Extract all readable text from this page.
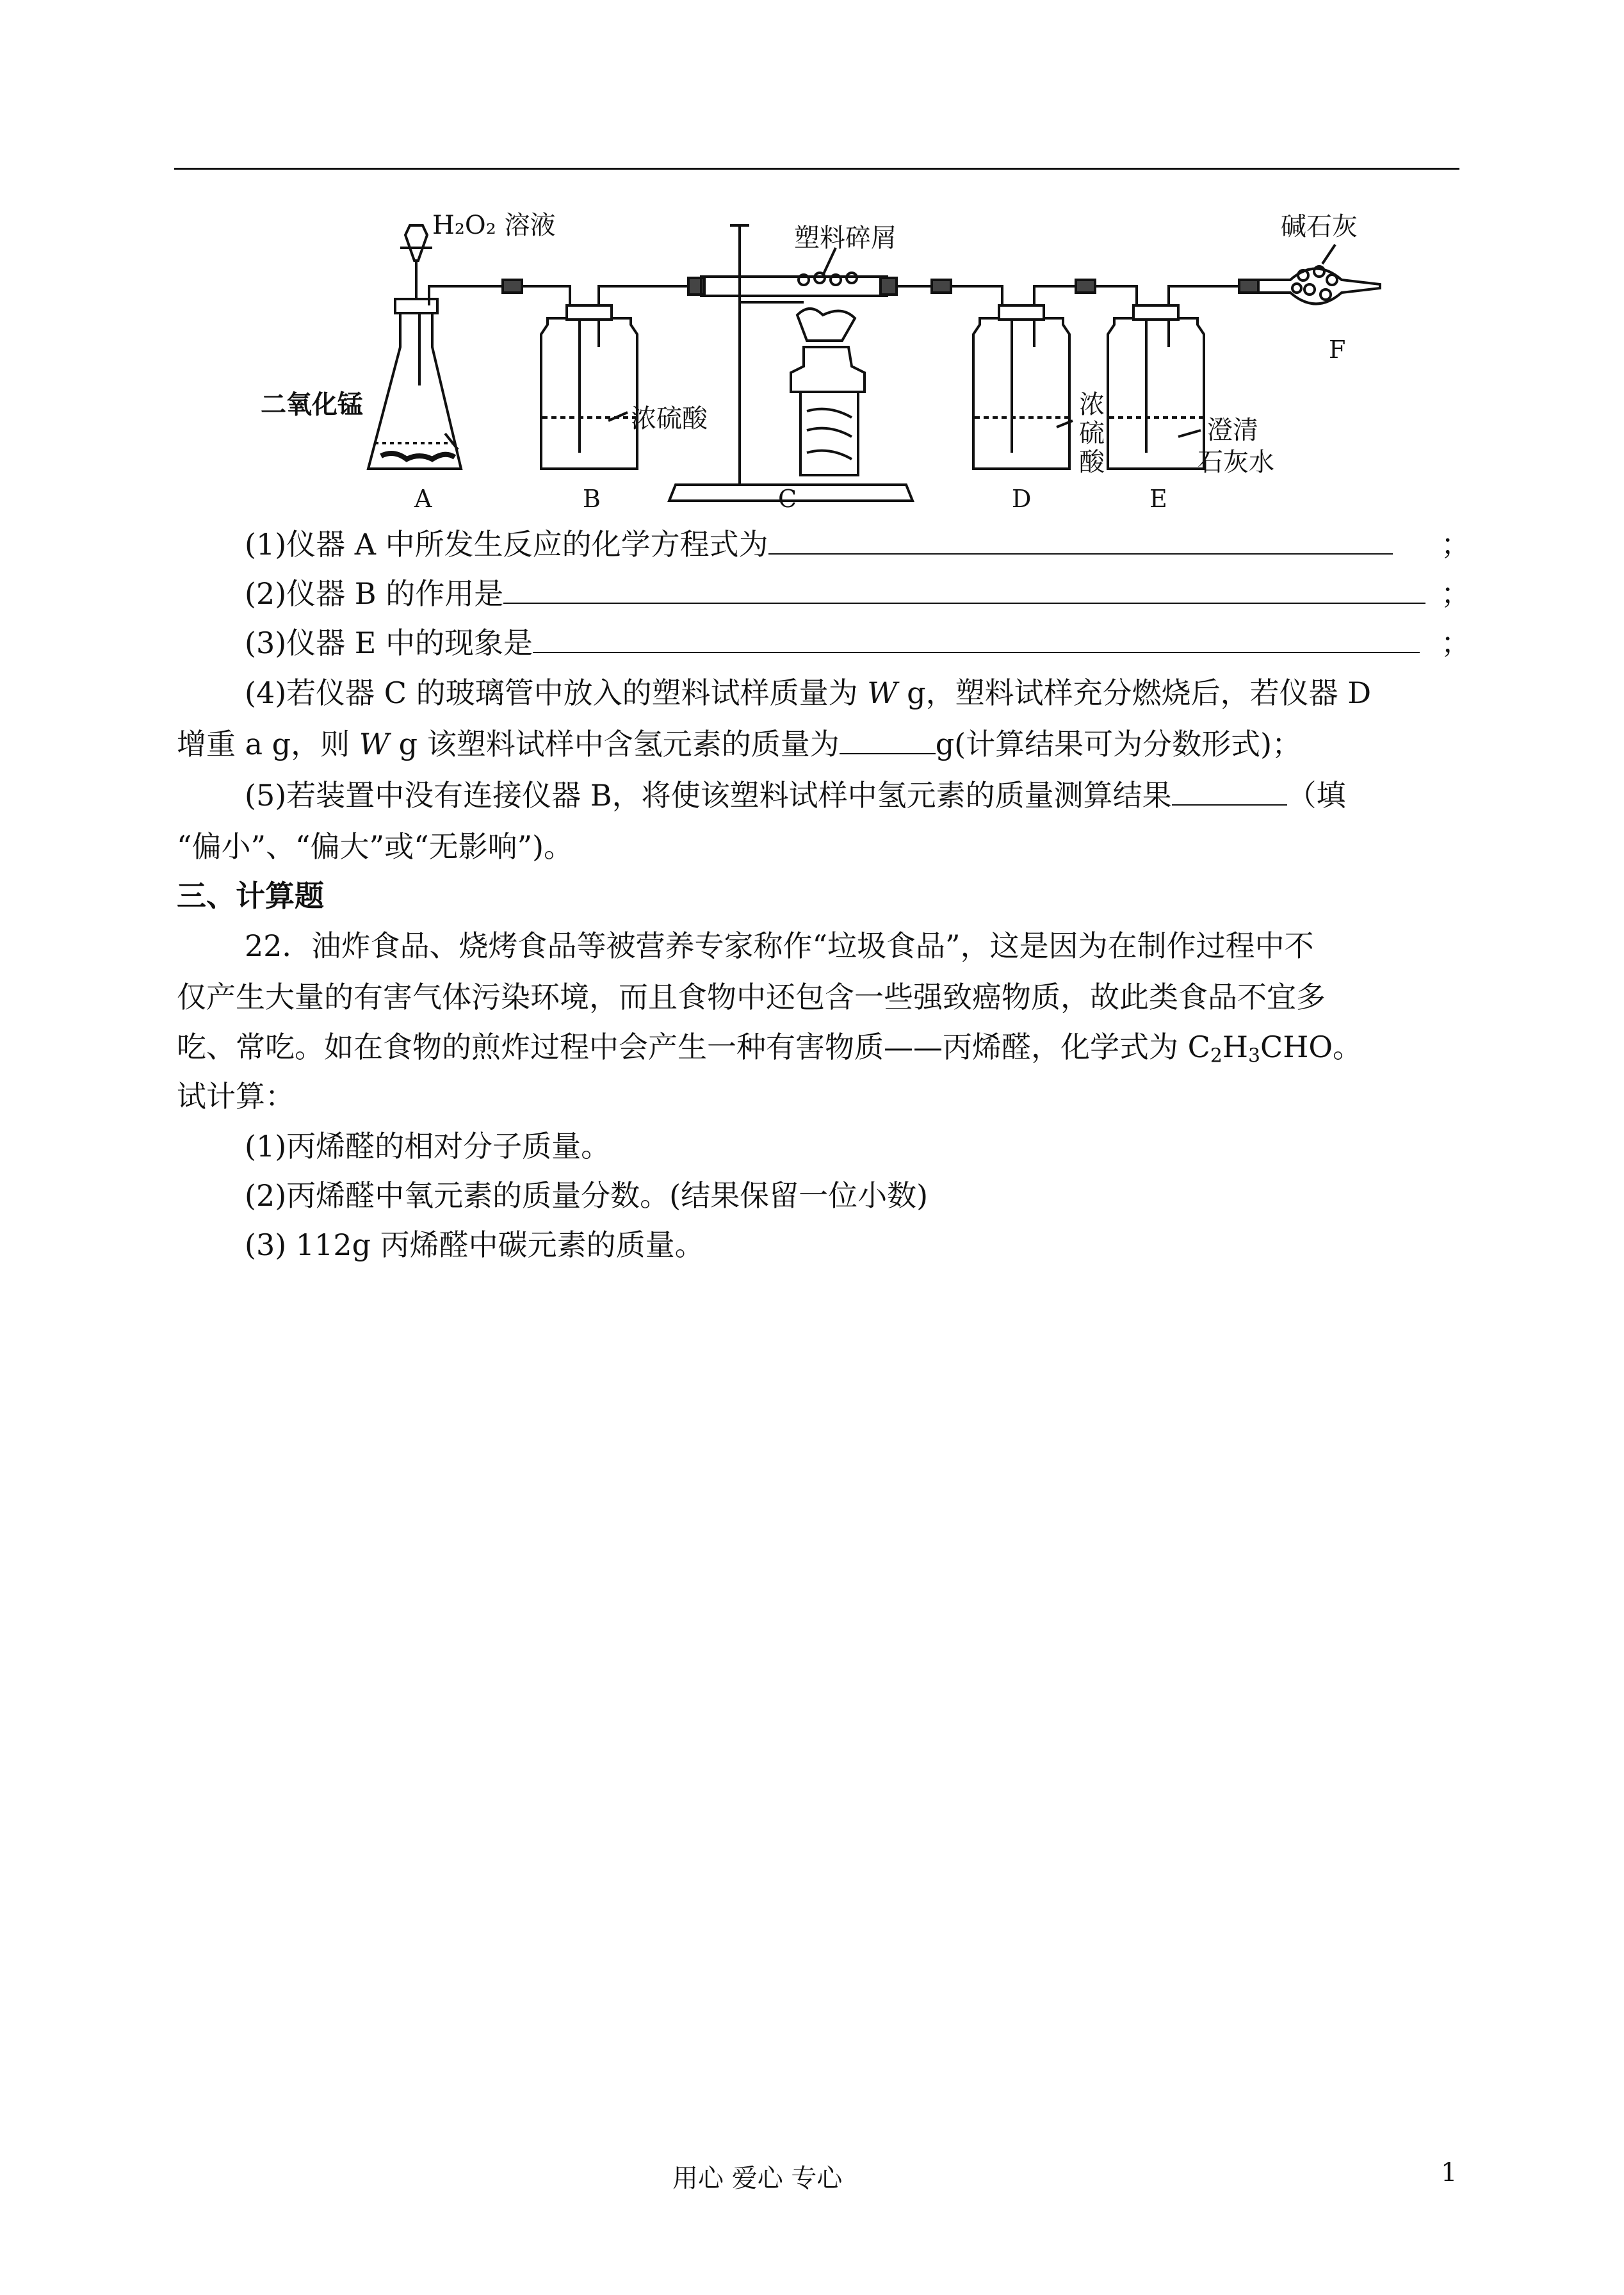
H₂O₂ 溶液
二氧化锰
塑料碎屑
浓硫酸	浓
硫
酸
澄清
石灰水
碱石灰
A	B	C	D	E
F
(1)仪器 A 中所发生反应的化学方程式为	；
(2)仪器 B 的作用是	；
(3)仪器 E 中的现象是	；
(4)若仪器 C 的玻璃管中放入的塑料试样质量为 W g，塑料试样充分燃烧后，若仪器 D
增重 a g，则 W g 该塑料试样中含氢元素的质量为	g(计算结果可为分数形式)；
(5)若装置中没有连接仪器 B，将使该塑料试样中氢元素的质量测算结果	（填
“偏小”、“偏大”或“无影响”)。
三、计算题
22．油炸食品、烧烤食品等被营养专家称作“垃圾食品”，这是因为在制作过程中不
仅产生大量的有害气体污染环境，而且食物中还包含一些强致癌物质，故此类食品不宜多
吃、常吃。如在食物的煎炸过程中会产生一种有害物质——丙烯醛，化学式为 $C_2H_3CHO$。
试计算：
(1)丙烯醛的相对分子质量。
(2)丙烯醛中氧元素的质量分数。(结果保留一位小数)
(3) 112g 丙烯醛中碳元素的质量。
用心 爱心 专心	1
